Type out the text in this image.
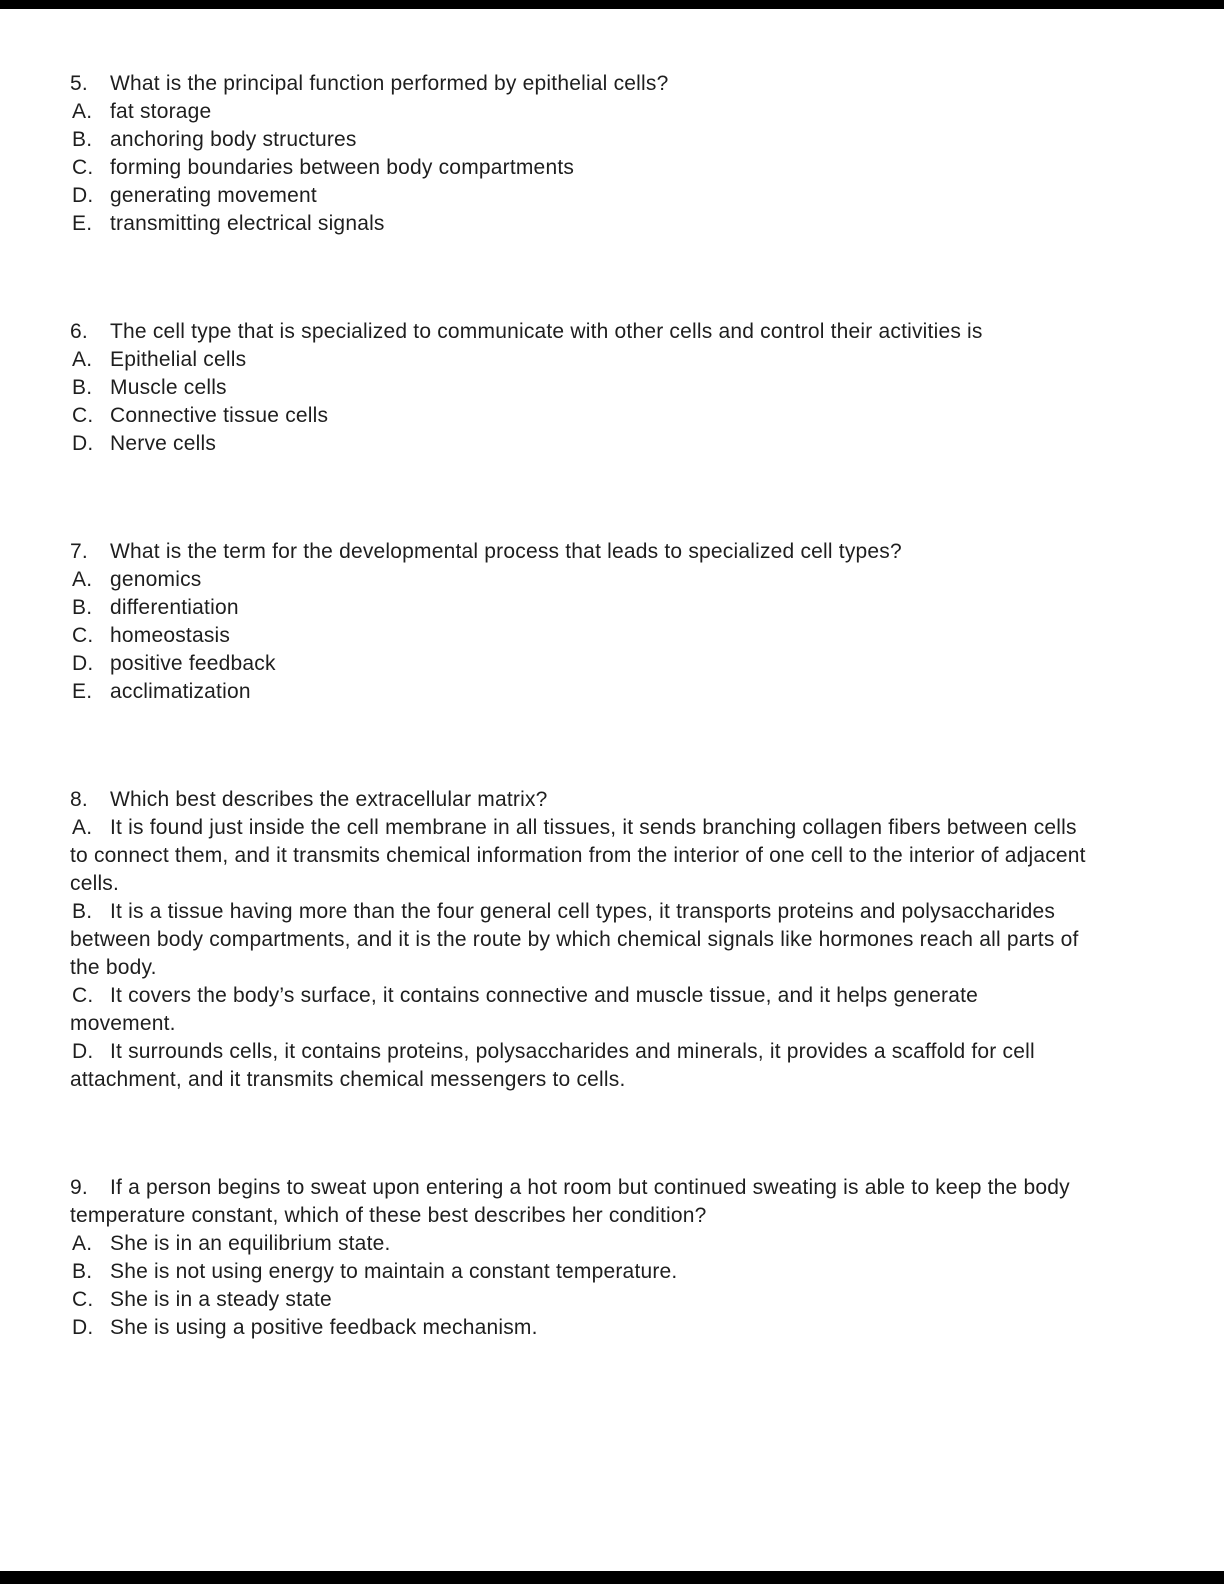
5. What is the principal function performed by epithelial cells?

A. fat storage

B. anchoring body structures

C. forming boundaries between body compartments

D. generating movement

E. transmitting electrical signals

6. The cell type that is specialized to communicate with other cells and control their activities is

A. Epithelial cells

B. Muscle cells

C. Connective tissue cells

D. Nerve cells

7. What is the term for the developmental process that leads to specialized cell types?

A. genomics

B. differentiation

C. homeostasis

D. positive feedback

E. acclimatization

8. Which best describes the extracellular matrix?

A. It is found just inside the cell membrane in all tissues, it sends branching collagen fibers between cells to connect them, and it transmits chemical information from the interior of one cell to the interior of adjacent cells.

B. It is a tissue having more than the four general cell types, it transports proteins and polysaccharides between body compartments, and it is the route by which chemical signals like hormones reach all parts of the body.

C. It covers the body’s surface, it contains connective and muscle tissue, and it helps generate movement.

D. It surrounds cells, it contains proteins, polysaccharides and minerals, it provides a scaffold for cell attachment, and it transmits chemical messengers to cells.

9. If a person begins to sweat upon entering a hot room but continued sweating is able to keep the body temperature constant, which of these best describes her condition?

A. She is in an equilibrium state.

B. She is not using energy to maintain a constant temperature.

C. She is in a steady state

D. She is using a positive feedback mechanism.
